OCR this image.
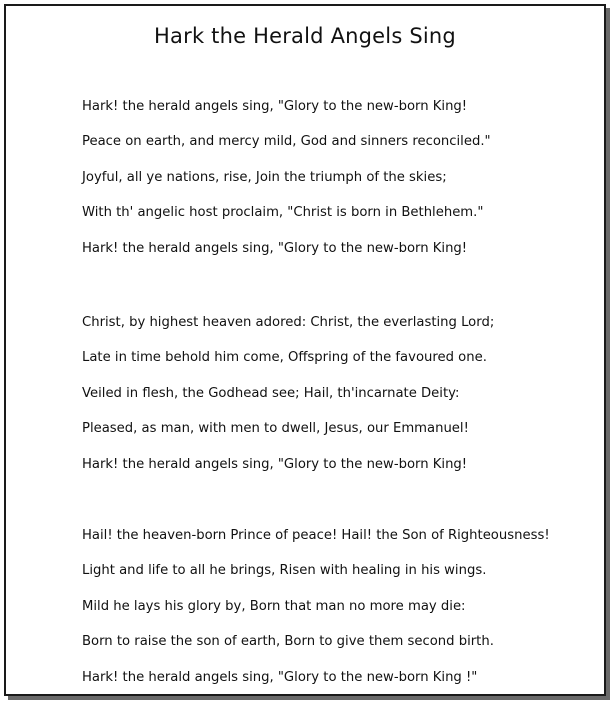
Hark the Herald Angels Sing
Hark! the herald angels sing, "Glory to the new-born King!
Peace on earth, and mercy mild, God and sinners reconciled."
Joyful, all ye nations, rise, Join the triumph of the skies;
With th' angelic host proclaim, "Christ is born in Bethlehem."
Hark! the herald angels sing, "Glory to the new-born King!
Christ, by highest heaven adored: Christ, the everlasting Lord;
Late in time behold him come, Offspring of the favoured one.
Veiled in flesh, the Godhead see; Hail, th'incarnate Deity:
Pleased, as man, with men to dwell, Jesus, our Emmanuel!
Hark! the herald angels sing, "Glory to the new-born King!
Hail! the heaven-born Prince of peace! Hail! the Son of Righteousness!
Light and life to all he brings, Risen with healing in his wings.
Mild he lays his glory by, Born that man no more may die:
Born to raise the son of earth, Born to give them second birth.
Hark! the herald angels sing, "Glory to the new-born King !"
